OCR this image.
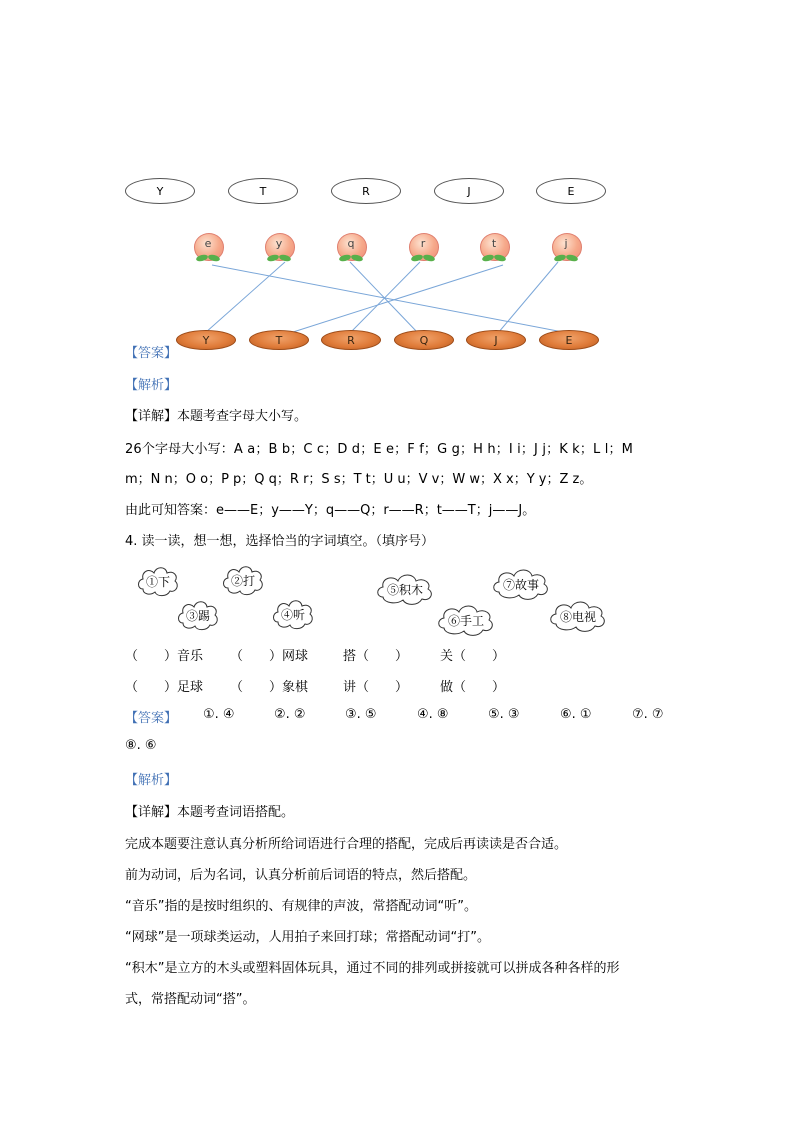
Y	T	R	J	E
e	y	q	r	t	j
Y	T	R	Q	J	E
【答案】
【解析】
【详解】本题考查字母大小写。
26个字母大小写：A a；B b；C c；D d；E e；F f；G g；H h；I i；J j；K k；L l；M
m；N n；O o；P p；Q q；R r；S s；T t；U u；V v；W w；X x；Y y；Z z。
由此可知答案：e——E；y——Y；q——Q；r——R；t——T；j——J。
4. 读一读，想一想，选择恰当的字词填空。（填序号）
①下	②打
③踢	④听
⑤积木	⑦故事
⑥手工	⑧电视
（　　）音乐 （　　）网球	搭（　　） 关（　　）
（　　）足球 （　　）象棋	讲（　　） 做（　　）
【答案】 ①. ④	②. ②	③. ⑤	④. ⑧	⑤. ③	⑥. ①	⑦. ⑦
⑧. ⑥
【解析】
【详解】本题考查词语搭配。
完成本题要注意认真分析所给词语进行合理的搭配，完成后再读读是否合适。
前为动词，后为名词，认真分析前后词语的特点，然后搭配。
“音乐”指的是按时组织的、有规律的声波，常搭配动词“听”。
“网球”是一项球类运动，人用拍子来回打球；常搭配动词“打”。
“积木”是立方的木头或塑料固体玩具，通过不同的排列或拼接就可以拼成各种各样的形
式，常搭配动词“搭”。
